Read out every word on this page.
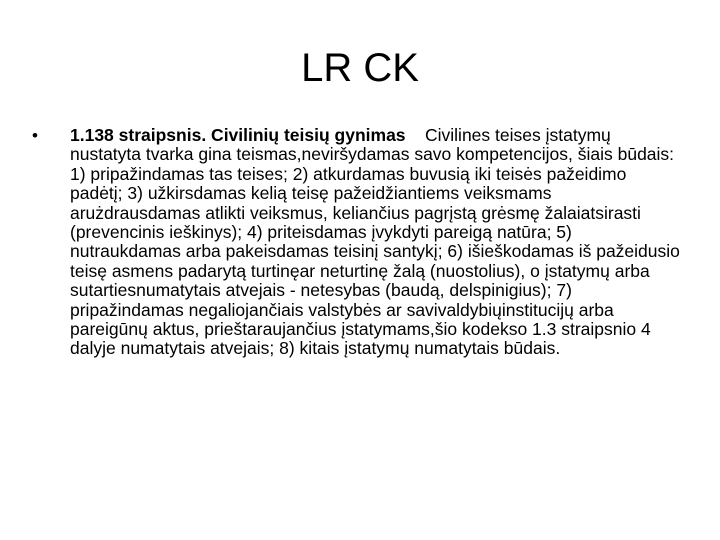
LR CK
•	1.138 straipsnis. Civilinių teisių gynimas Civilines teises įstatymų nustatyta tvarka gina teismas,neviršydamas savo kompetencijos, šiais būdais: 1) pripažindamas tas teises; 2) atkurdamas buvusią iki teisės pažeidimo padėtį; 3) užkirsdamas kelią teisę pažeidžiantiems veiksmams arużdrausdamas atlikti veiksmus, keliančius pagrįstą grėsmę žalaiatsirasti (prevencinis ieškinys); 4) priteisdamas įvykdyti pareigą natūra; 5) nutraukdamas arba pakeisdamas teisinį santykį; 6) išieškodamas iš pažeidusio teisę asmens padarytą turtinęar neturtinę žalą (nuostolius), o įstatymų arba sutartiesnumatytais atvejais - netesybas (baudą, delspinigius); 7) pripažindamas negaliojančiais valstybės ar savivaldybiųinstitucijų arba pareigūnų aktus, prieštaraujančius įstatymams,šio kodekso 1.3 straipsnio 4 dalyje numatytais atvejais; 8) kitais įstatymų numatytais būdais.
